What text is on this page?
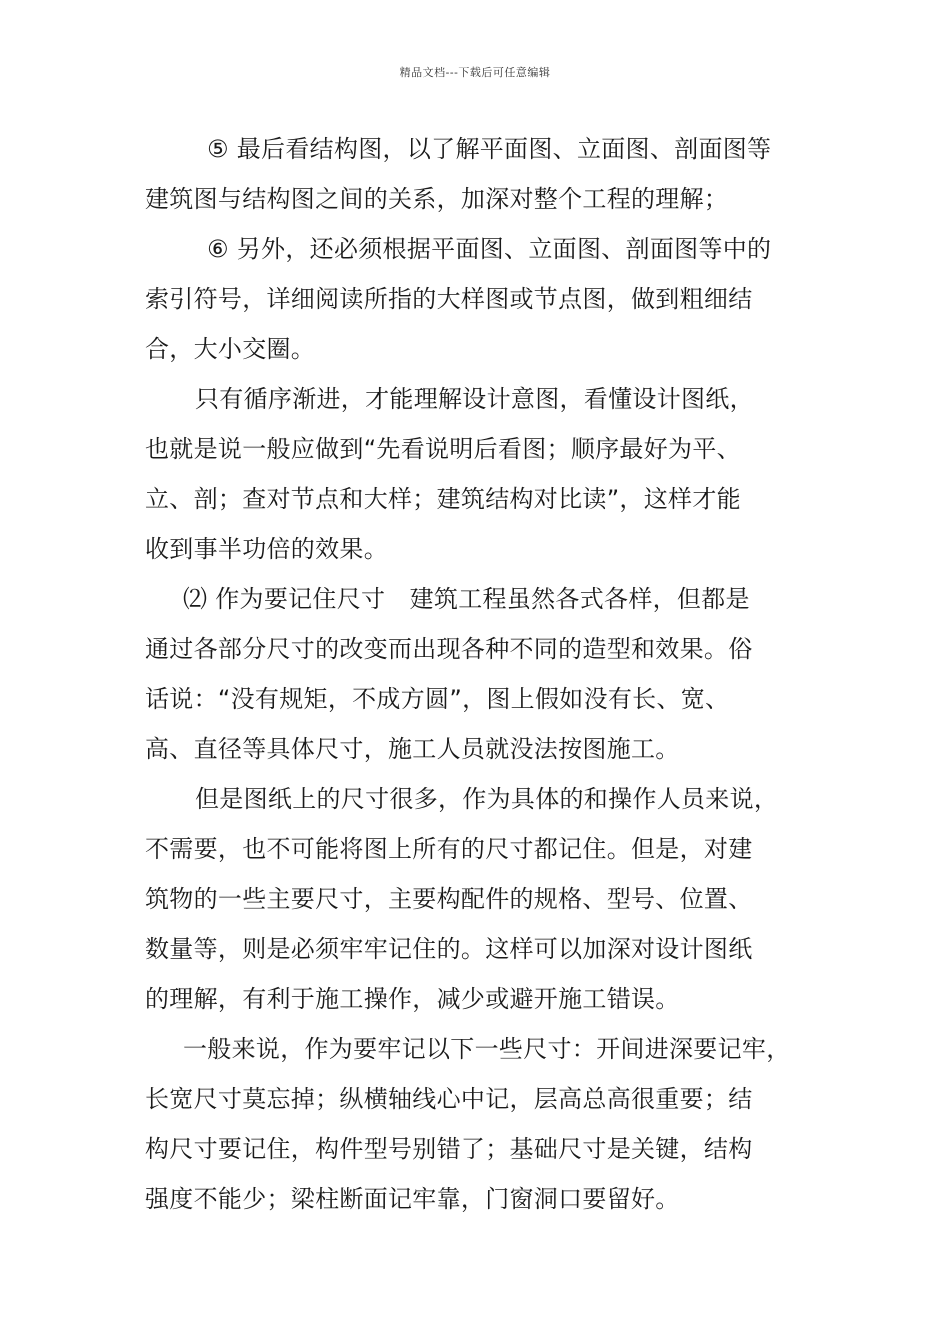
精品文档---下载后可任意编辑
⑤ 最后看结构图，以了解平面图、立面图、剖面图等
建筑图与结构图之间的关系，加深对整个工程的理解；
⑥ 另外，还必须根据平面图、立面图、剖面图等中的
索引符号，详细阅读所指的大样图或节点图，做到粗细结
合，大小交圈。
只有循序渐进，才能理解设计意图，看懂设计图纸，
也就是说一般应做到“先看说明后看图；顺序最好为平、
立、剖；查对节点和大样；建筑结构对比读”，这样才能
收到事半功倍的效果。
⑵ 作为要记住尺寸　建筑工程虽然各式各样，但都是
通过各部分尺寸的改变而出现各种不同的造型和效果。俗
话说：“没有规矩，不成方圆”，图上假如没有长、宽、
高、直径等具体尺寸，施工人员就没法按图施工。
但是图纸上的尺寸很多，作为具体的和操作人员来说，
不需要，也不可能将图上所有的尺寸都记住。但是，对建
筑物的一些主要尺寸，主要构配件的规格、型号、位置、
数量等，则是必须牢牢记住的。这样可以加深对设计图纸
的理解，有利于施工操作，减少或避开施工错误。
一般来说，作为要牢记以下一些尺寸：开间进深要记牢，
长宽尺寸莫忘掉；纵横轴线心中记，层高总高很重要；结
构尺寸要记住，构件型号别错了；基础尺寸是关键，结构
强度不能少；梁柱断面记牢靠，门窗洞口要留好。
